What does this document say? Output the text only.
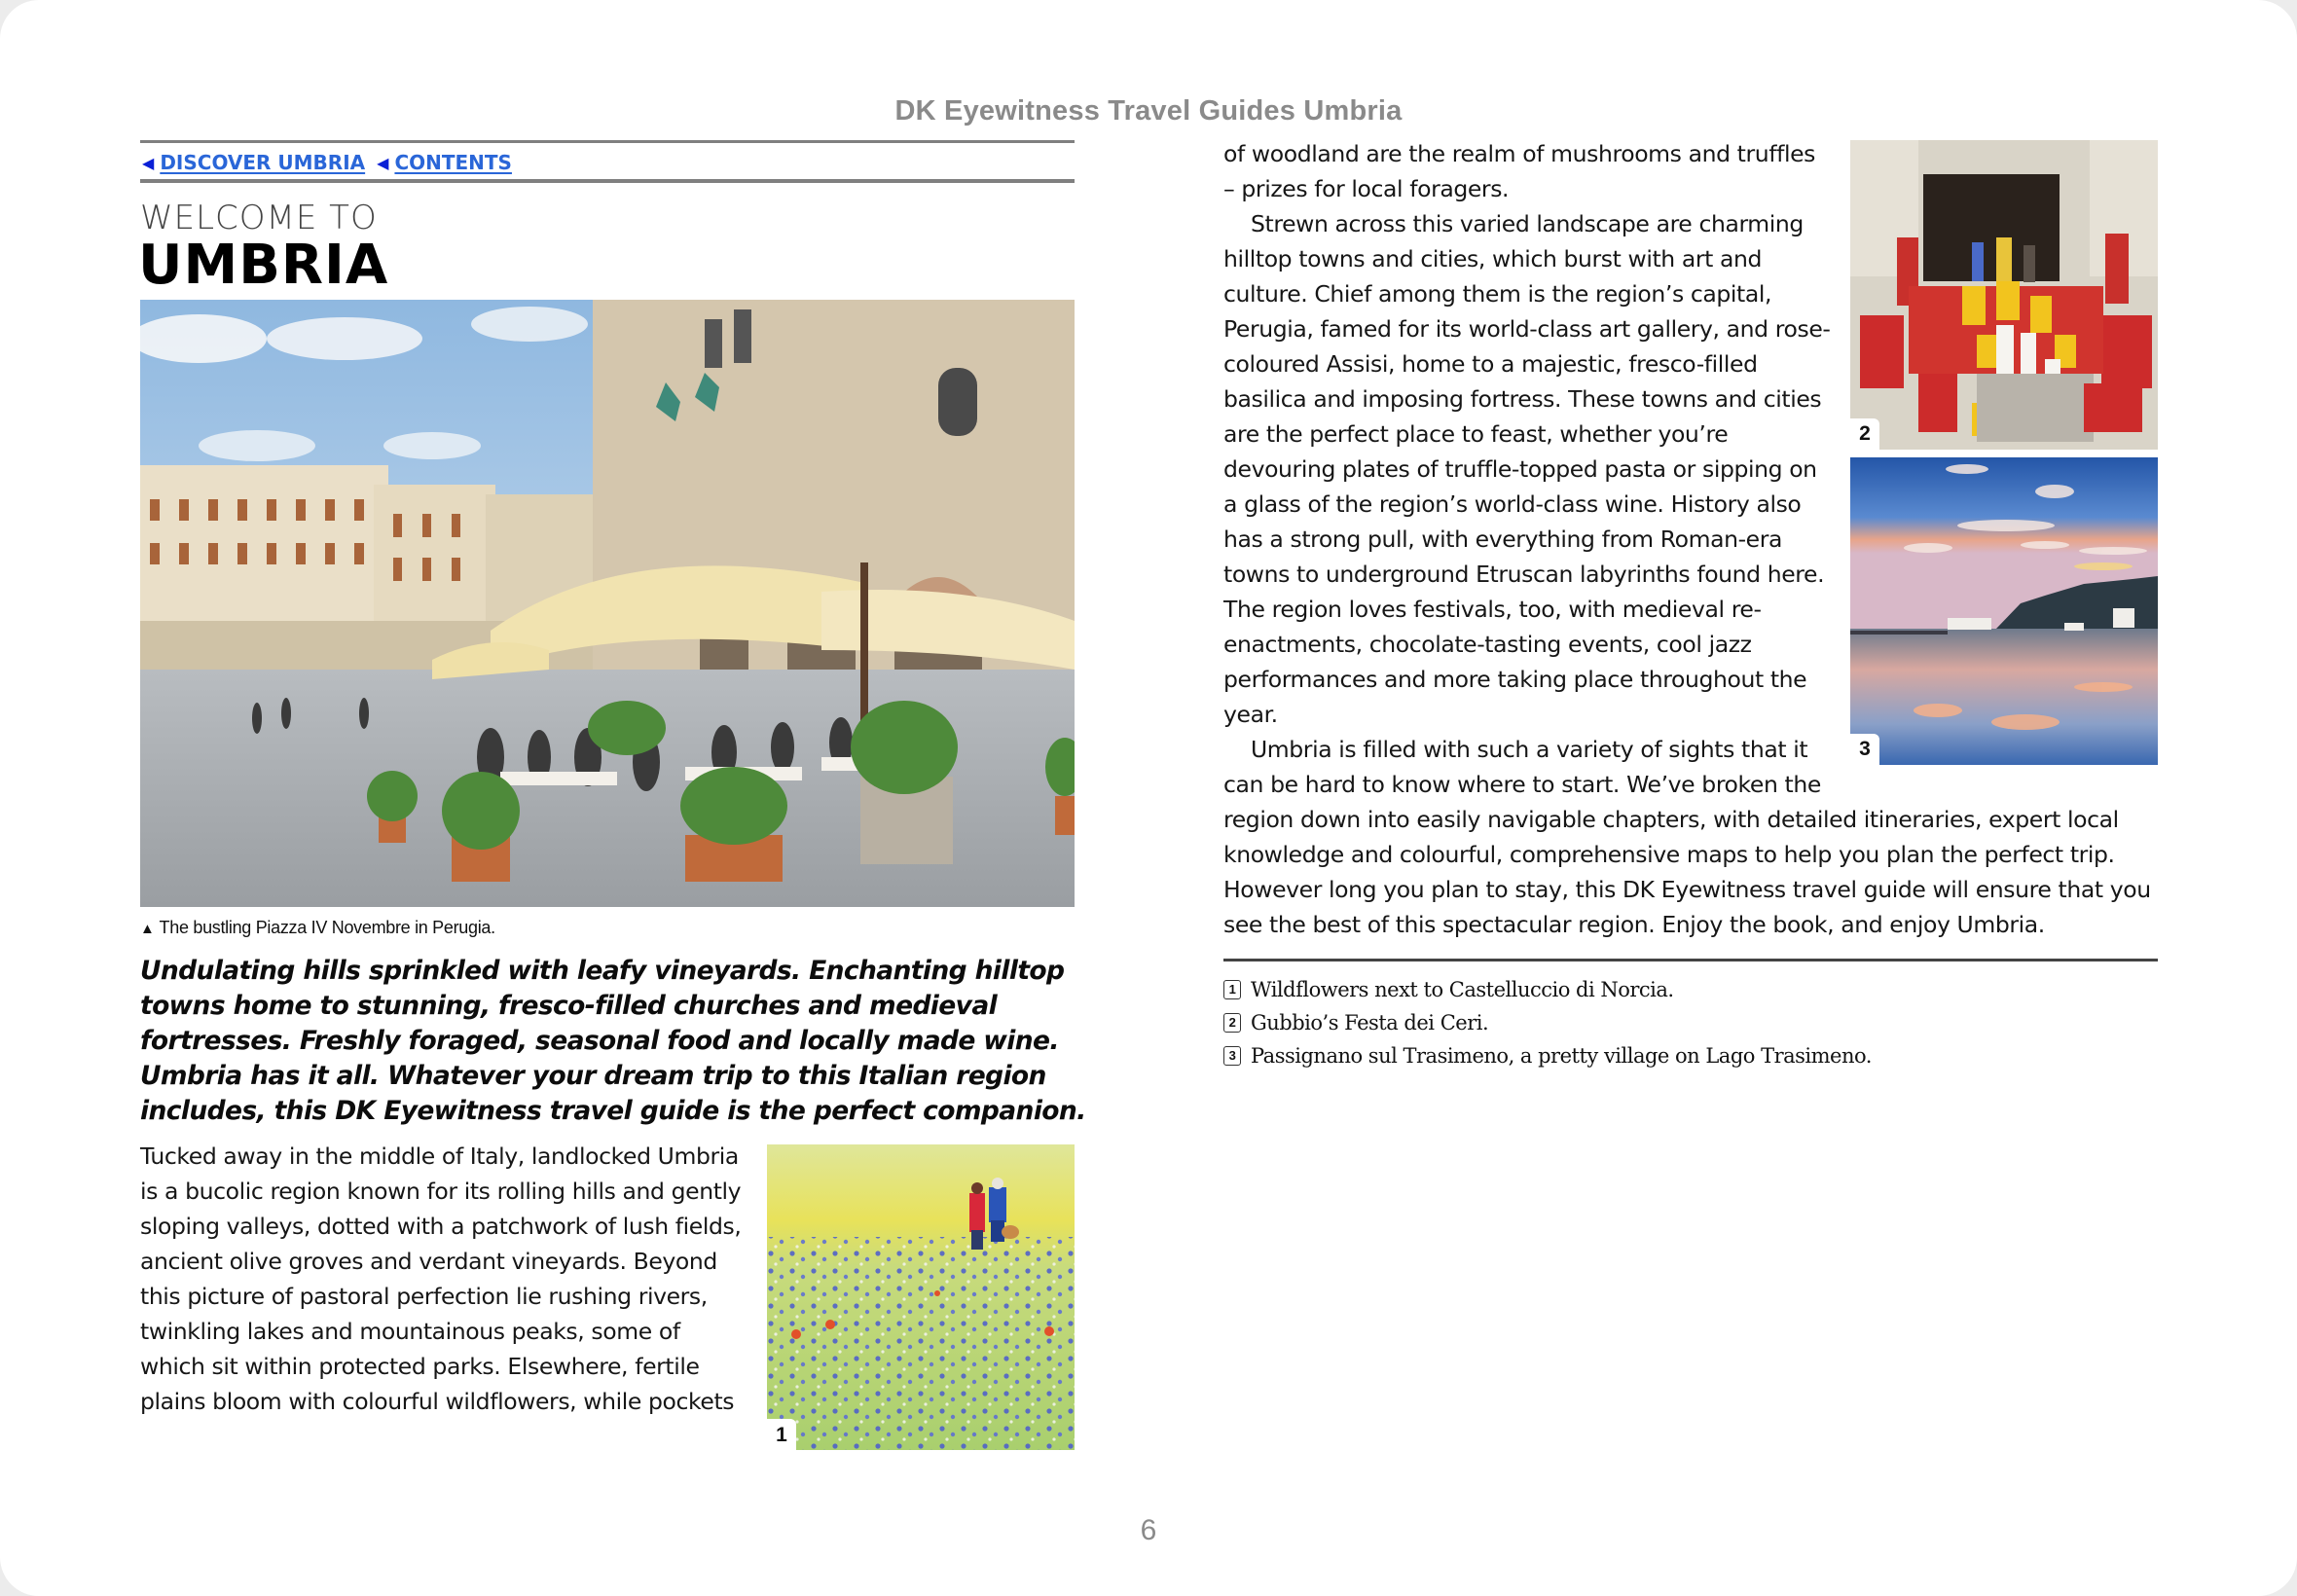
DK Eyewitness Travel Guides Umbria
◀ DISCOVER UMBRIA ◀ CONTENTS
WELCOME TO
UMBRIA
▲ The bustling Piazza IV Novembre in Perugia.
Undulating hills sprinkled with leafy vineyards. Enchanting hilltop
towns home to stunning, fresco-filled churches and medieval
fortresses. Freshly foraged, seasonal food and locally made wine.
Umbria has it all. Whatever your dream trip to this Italian region
includes, this DK Eyewitness travel guide is the perfect companion.
Tucked away in the middle of Italy, landlocked Umbria
is a bucolic region known for its rolling hills and gently
sloping valleys, dotted with a patchwork of lush fields,
ancient olive groves and verdant vineyards. Beyond
this picture of pastoral perfection lie rushing rivers,
twinkling lakes and mountainous peaks, some of
which sit within protected parks. Elsewhere, fertile
plains bloom with colourful wildflowers, while pockets
1
of woodland are the realm of mushrooms and truffles
– prizes for local foragers.
Strewn across this varied landscape are charming
hilltop towns and cities, which burst with art and
culture. Chief among them is the region’s capital,
Perugia, famed for its world-class art gallery, and rose-
coloured Assisi, home to a majestic, fresco-filled
basilica and imposing fortress. These towns and cities
are the perfect place to feast, whether you’re
devouring plates of truffle-topped pasta or sipping on
a glass of the region’s world-class wine. History also
has a strong pull, with everything from Roman-era
towns to underground Etruscan labyrinths found here.
The region loves festivals, too, with medieval re-
enactments, chocolate-tasting events, cool jazz
performances and more taking place throughout the
year.
Umbria is filled with such a variety of sights that it
can be hard to know where to start. We’ve broken the
region down into easily navigable chapters, with detailed itineraries, expert local
knowledge and colourful, comprehensive maps to help you plan the perfect trip.
However long you plan to stay, this DK Eyewitness travel guide will ensure that you
see the best of this spectacular region. Enjoy the book, and enjoy Umbria.
2
3
1 Wildflowers next to Castelluccio di Norcia.
2 Gubbio’s Festa dei Ceri.
3 Passignano sul Trasimeno, a pretty village on Lago Trasimeno.
6
